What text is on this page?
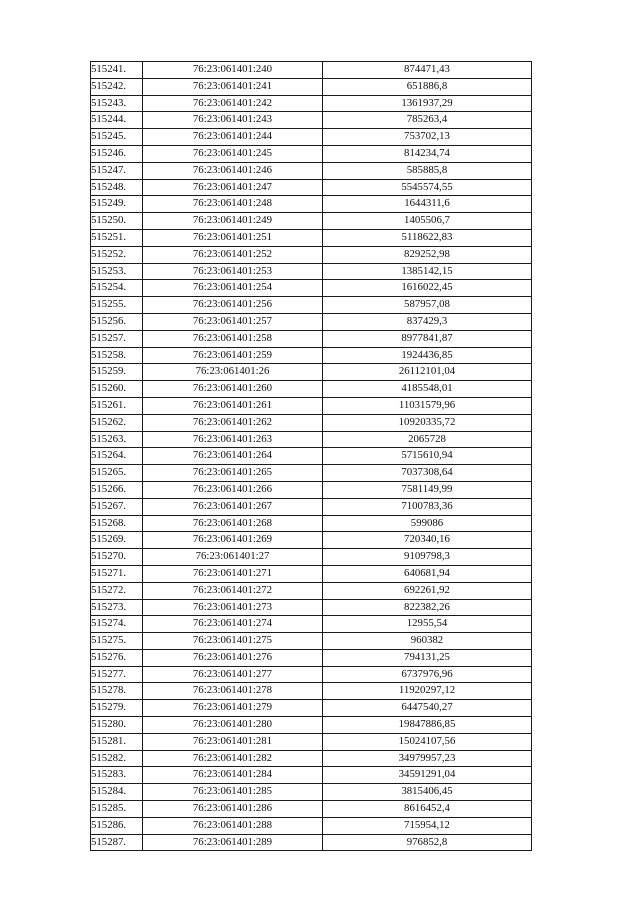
515241.	76:23:061401:240	874471,43
515242.	76:23:061401:241	651886,8
515243.	76:23:061401:242	1361937,29
515244.	76:23:061401:243	785263,4
515245.	76:23:061401:244	753702,13
515246.	76:23:061401:245	814234,74
515247.	76:23:061401:246	585885,8
515248.	76:23:061401:247	5545574,55
515249.	76:23:061401:248	1644311,6
515250.	76:23:061401:249	1405506,7
515251.	76:23:061401:251	5118622,83
515252.	76:23:061401:252	829252,98
515253.	76:23:061401:253	1385142,15
515254.	76:23:061401:254	1616022,45
515255.	76:23:061401:256	587957,08
515256.	76:23:061401:257	837429,3
515257.	76:23:061401:258	8977841,87
515258.	76:23:061401:259	1924436,85
515259.	76:23:061401:26	26112101,04
515260.	76:23:061401:260	4185548,01
515261.	76:23:061401:261	11031579,96
515262.	76:23:061401:262	10920335,72
515263.	76:23:061401:263	2065728
515264.	76:23:061401:264	5715610,94
515265.	76:23:061401:265	7037308,64
515266.	76:23:061401:266	7581149,99
515267.	76:23:061401:267	7100783,36
515268.	76:23:061401:268	599086
515269.	76:23:061401:269	720340,16
515270.	76:23:061401:27	9109798,3
515271.	76:23:061401:271	640681,94
515272.	76:23:061401:272	692261,92
515273.	76:23:061401:273	822382,26
515274.	76:23:061401:274	12955,54
515275.	76:23:061401:275	960382
515276.	76:23:061401:276	794131,25
515277.	76:23:061401:277	6737976,96
515278.	76:23:061401:278	11920297,12
515279.	76:23:061401:279	6447540,27
515280.	76:23:061401:280	19847886,85
515281.	76:23:061401:281	15024107,56
515282.	76:23:061401:282	34979957,23
515283.	76:23:061401:284	34591291,04
515284.	76:23:061401:285	3815406,45
515285.	76:23:061401:286	8616452,4
515286.	76:23:061401:288	715954,12
515287.	76:23:061401:289	976852,8
